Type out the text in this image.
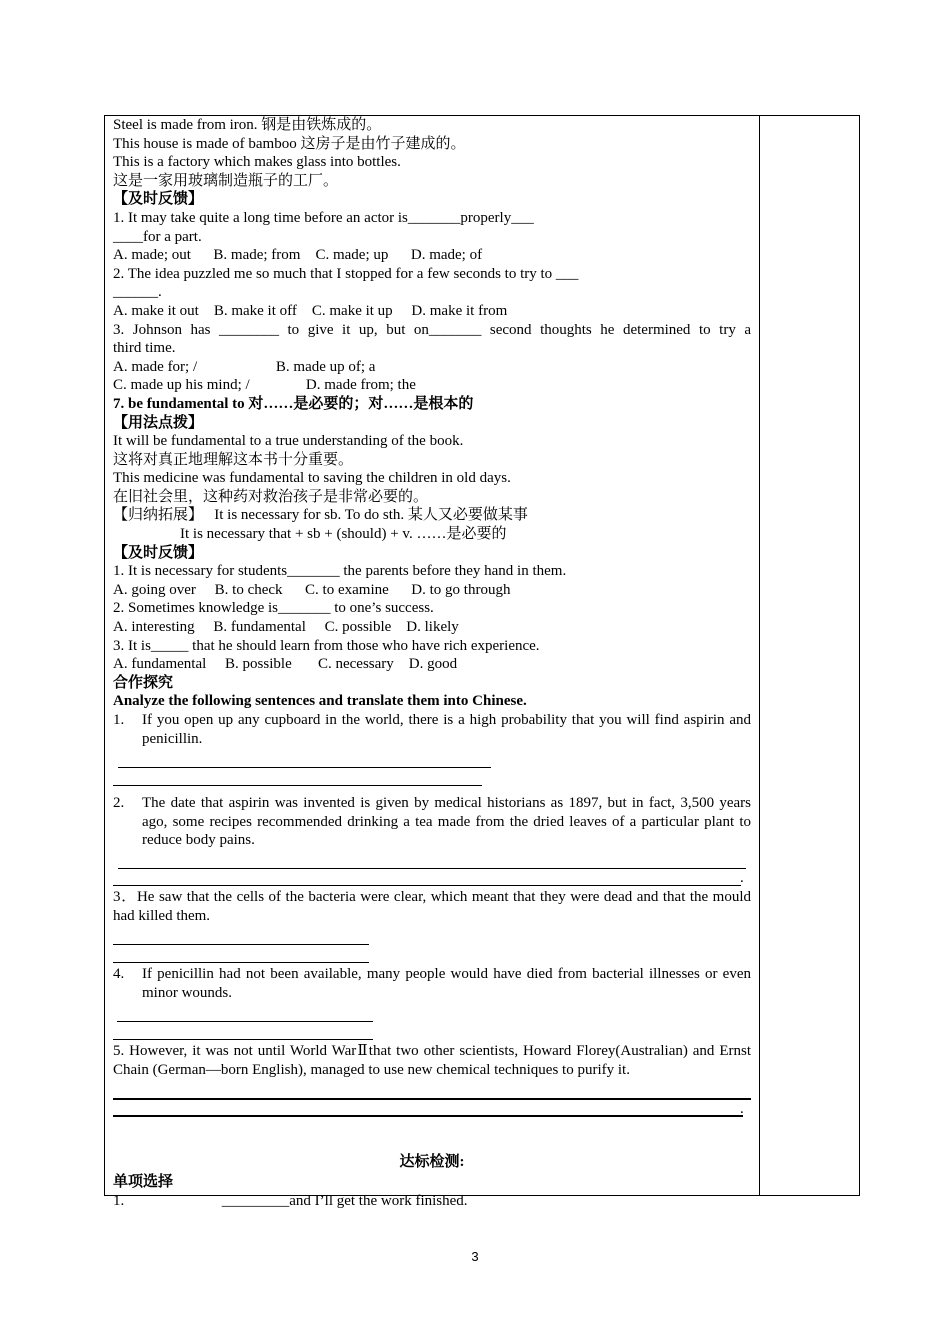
Steel is made from iron. 钢是由铁炼成的。
This house is made of bamboo 这房子是由竹子建成的。
This is a factory which makes glass into bottles.
这是一家用玻璃制造瓶子的工厂。
【及时反馈】
1. It may take quite a long time before an actor is_______properly___
____for a part.
A. made; out      B. made; from    C. made; up      D. made; of
2. The idea puzzled me so much that I stopped for a few seconds to try to ___
______.
A. make it out    B. make it off    C. make it up     D. make it from
3. Johnson has ________ to give it up, but on_______ second thoughts he determined to try a
third time.
A. made for; /                     B. made up of; a
C. made up his mind; /               D. made from; the
7. be fundamental to 对……是必要的；对……是根本的
【用法点拨】
It will be fundamental to a true understanding of the book.
这将对真正地理解这本书十分重要。
This medicine was fundamental to saving the children in old days.
在旧社会里，这种药对救治孩子是非常必要的。
【归纳拓展】   It is necessary for sb. To do sth. 某人又必要做某事
It is necessary that + sb + (should) + v. ……是必要的
【及时反馈】
1. It is necessary for students_______ the parents before they hand in them.
A. going over     B. to check      C. to examine      D. to go through
2. Sometimes knowledge is_______ to one’s success.
A. interesting     B. fundamental     C. possible    D. likely
3. It is_____ that he should learn from those who have rich experience.
A. fundamental     B. possible       C. necessary    D. good
合作探究
Analyze the following sentences and translate them into Chinese.
1.	If you open up any cupboard in the world, there is a high probability that you will find aspirin and penicillin.
2.	The date that aspirin was invented is given by medical historians as 1897, but in fact, 3,500 years ago, some recipes recommended drinking a tea made from the dried leaves of a particular plant to reduce body pains.
.
3．He saw that the cells of the bacteria were clear, which meant that they were dead and that the mould had killed them.
4.	If penicillin had not been available, many people would have died from bacterial illnesses or even minor wounds.
5. However, it was not until World WarⅡthat two other scientists, Howard Florey(Australian) and Ernst Chain (German—born English), managed to use new chemical techniques to purify it.
.
达标检测:
单项选择
1.                          _________and I’ll get the work finished.
3
